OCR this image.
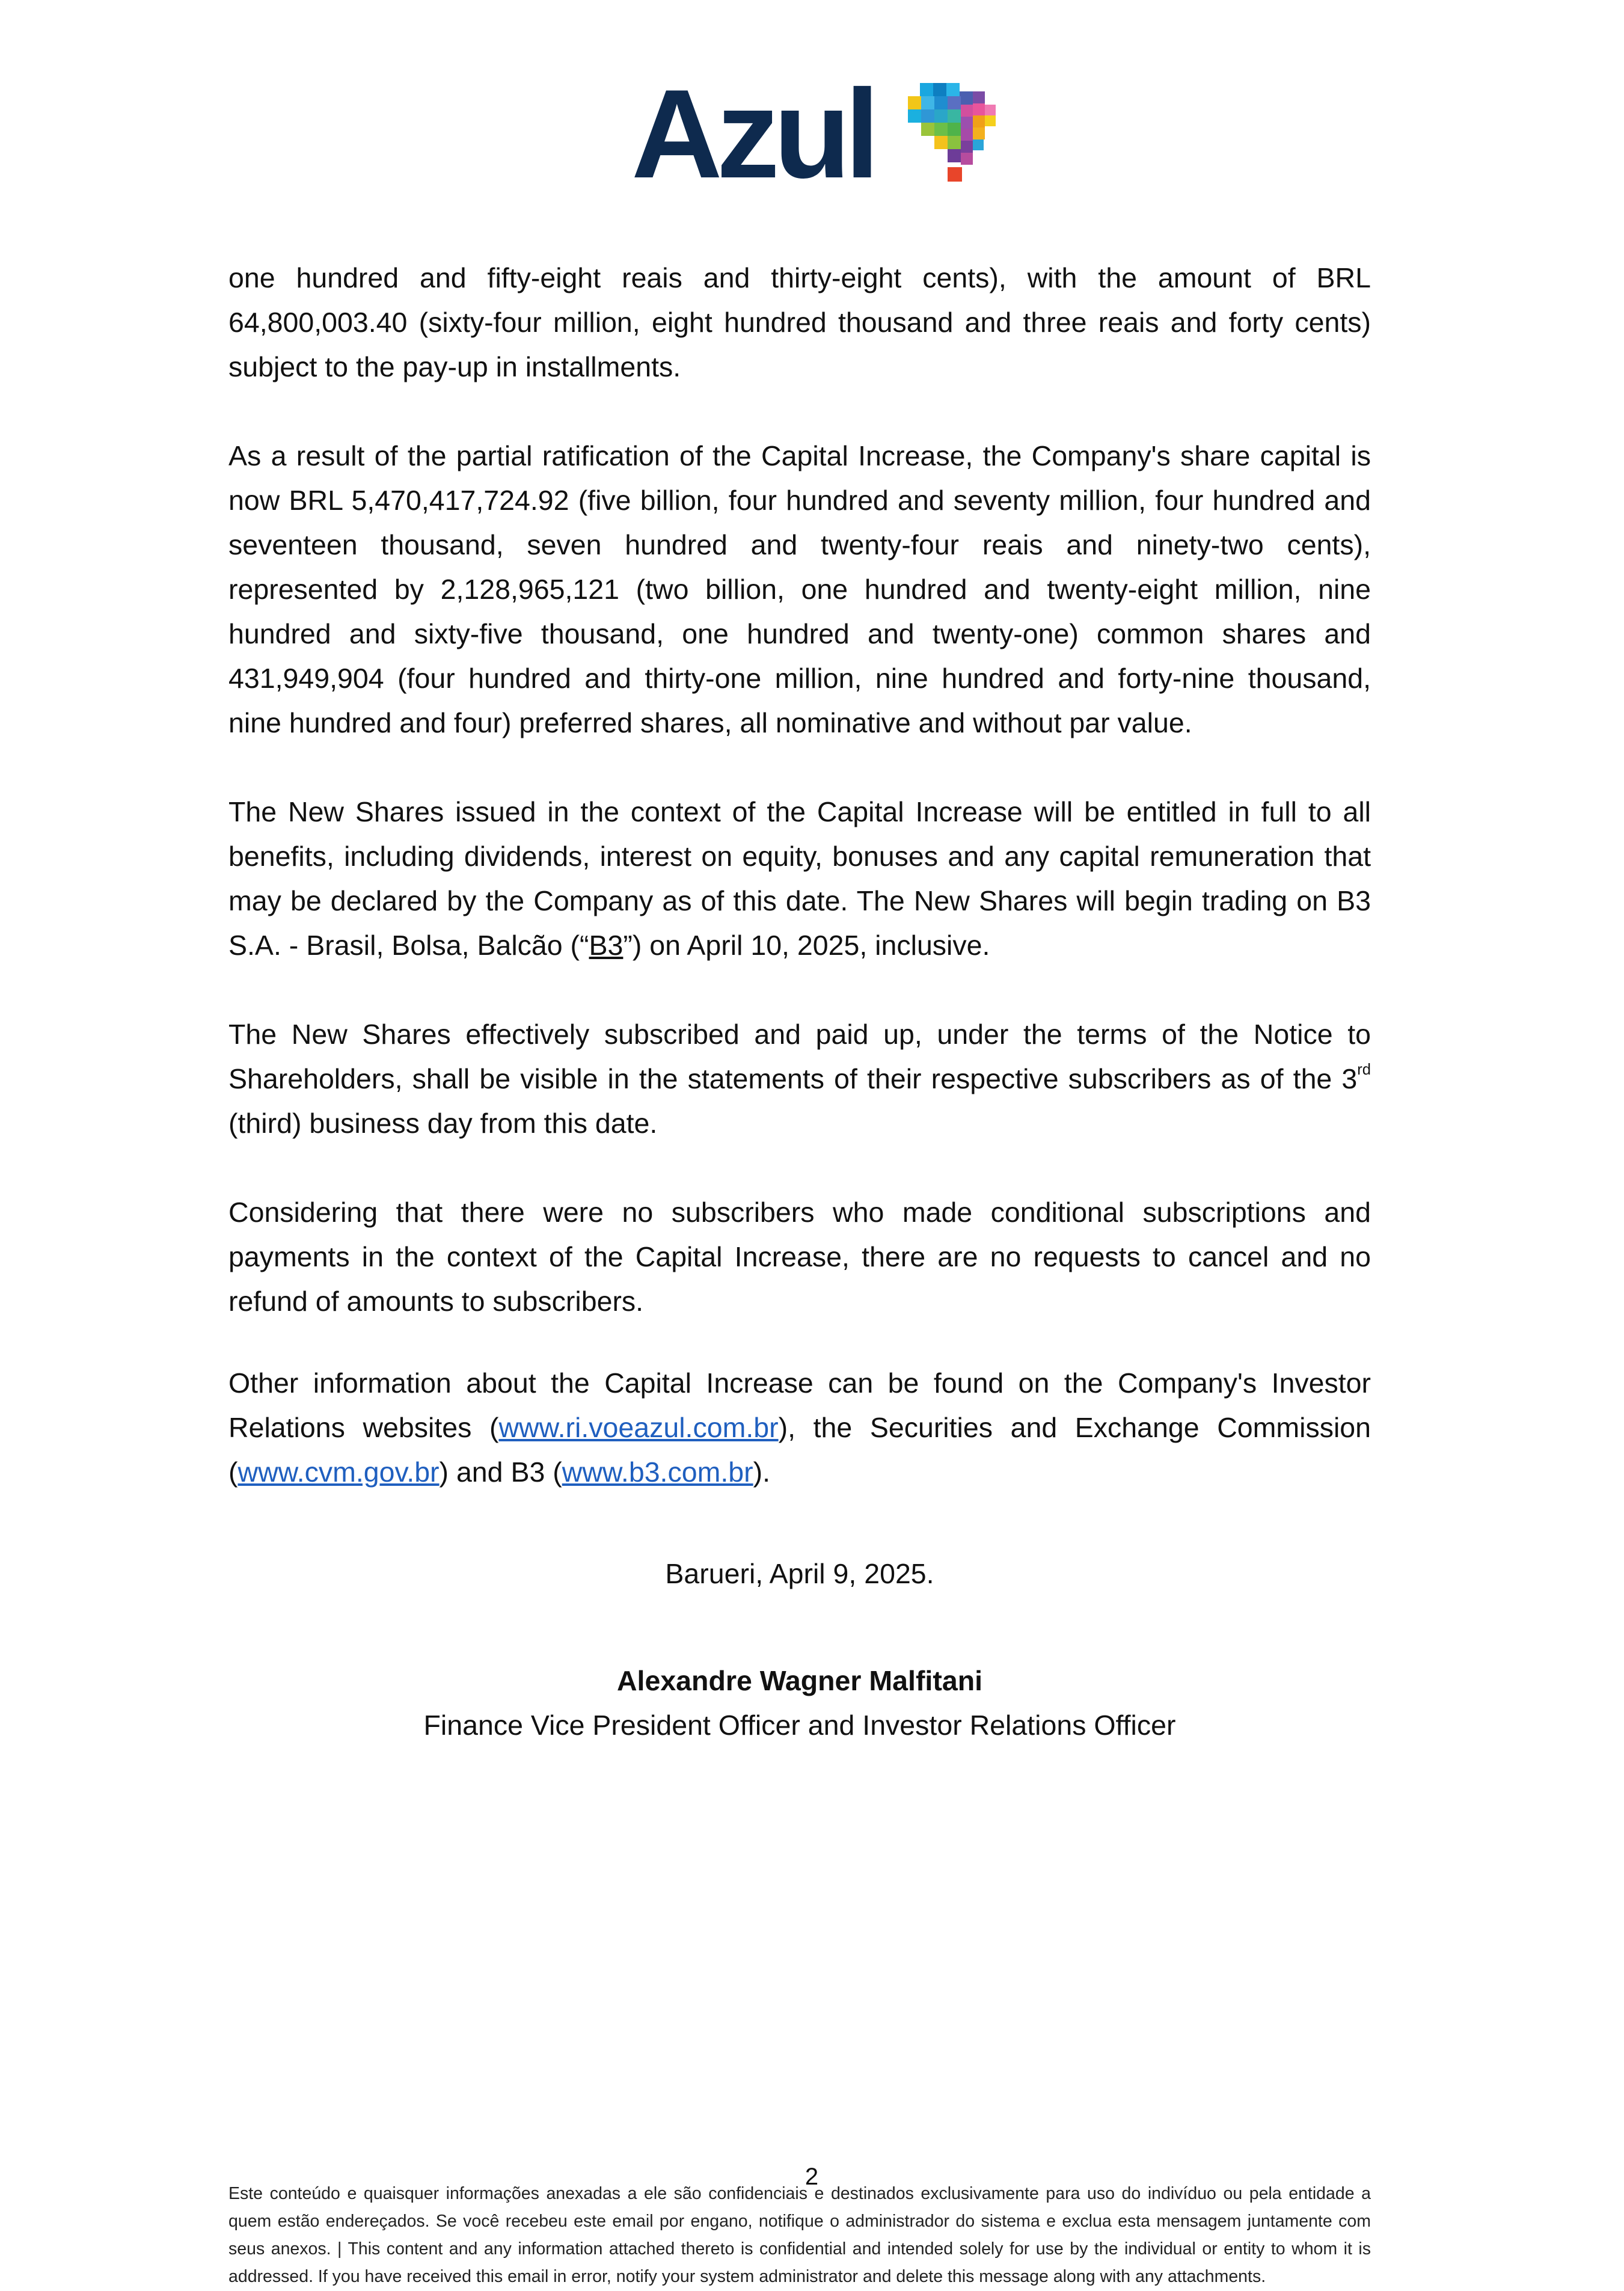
Azul

one hundred and fifty-eight reais and thirty-eight cents), with the amount of BRL 64,800,003.40 (sixty-four million, eight hundred thousand and three reais and forty cents) subject to the pay-up in installments.

As a result of the partial ratification of the Capital Increase, the Company's share capital is now BRL 5,470,417,724.92 (five billion, four hundred and seventy million, four hundred and seventeen thousand, seven hundred and twenty-four reais and ninety-two cents), represented by 2,128,965,121 (two billion, one hundred and twenty-eight million, nine hundred and sixty-five thousand, one hundred and twenty-one) common shares and 431,949,904 (four hundred and thirty-one million, nine hundred and forty-nine thousand, nine hundred and four) preferred shares, all nominative and without par value.

The New Shares issued in the context of the Capital Increase will be entitled in full to all benefits, including dividends, interest on equity, bonuses and any capital remuneration that may be declared by the Company as of this date. The New Shares will begin trading on B3 S.A. - Brasil, Bolsa, Balcão (“B3”) on April 10, 2025, inclusive.

The New Shares effectively subscribed and paid up, under the terms of the Notice to Shareholders, shall be visible in the statements of their respective subscribers as of the 3rd (third) business day from this date.

Considering that there were no subscribers who made conditional subscriptions and payments in the context of the Capital Increase, there are no requests to cancel and no refund of amounts to subscribers.

Other information about the Capital Increase can be found on the Company's Investor Relations websites (www.ri.voeazul.com.br), the Securities and Exchange Commission (www.cvm.gov.br) and B3 (www.b3.com.br).

Barueri, April 9, 2025.
Alexandre Wagner Malfitani
Finance Vice President Officer and Investor Relations Officer
2
Este conteúdo e quaisquer informações anexadas a ele são confidenciais e destinados exclusivamente para uso do indivíduo ou pela entidade a quem estão endereçados. Se você recebeu este email por engano, notifique o administrador do sistema e exclua esta mensagem juntamente com seus anexos. | This content and any information attached thereto is confidential and intended solely for use by the individual or entity to whom it is addressed. If you have received this email in error, notify your system administrator and delete this message along with any attachments.
